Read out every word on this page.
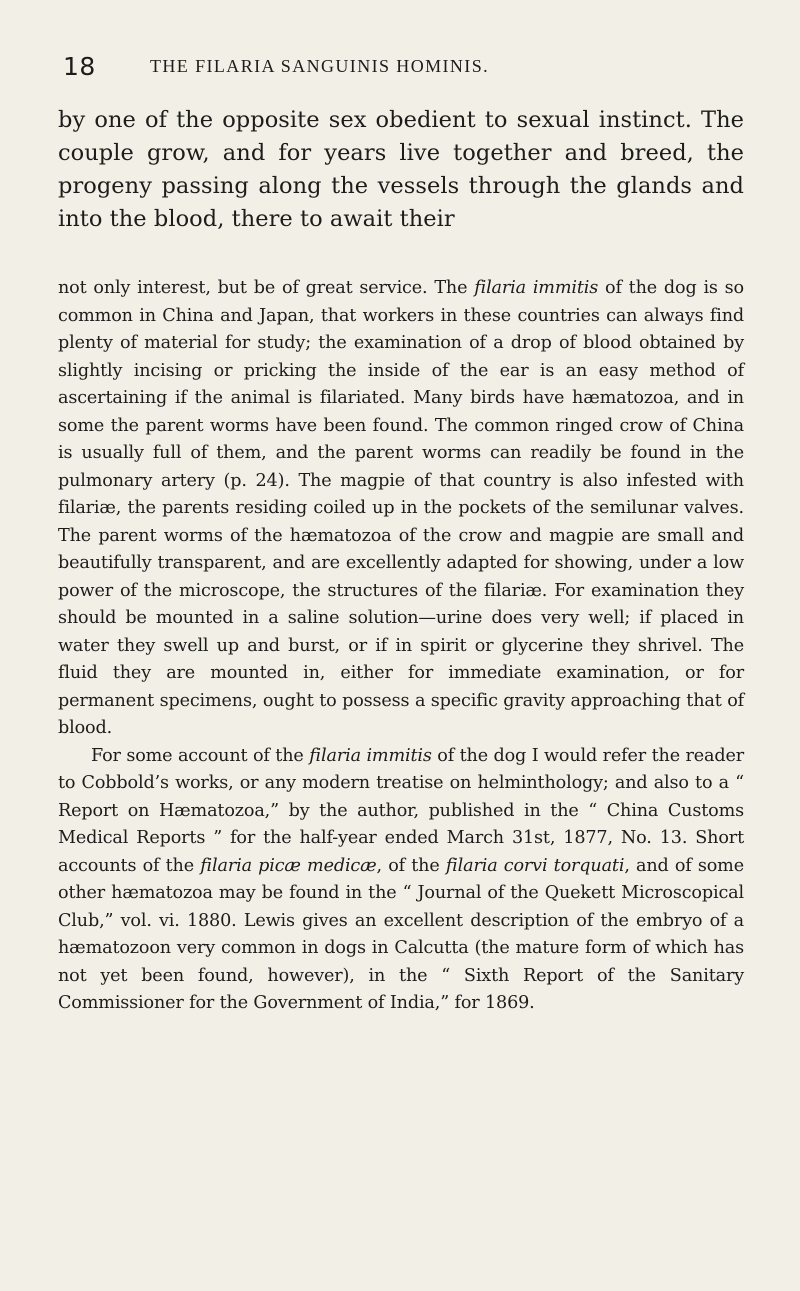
18	THE FILARIA SANGUINIS HOMINIS.

by one of the opposite sex obedient to sexual instinct. The couple grow, and for years live together and breed, the progeny passing along the vessels through the glands and into the blood, there to await their

not only interest, but be of great service. The filaria immitis of the dog is so common in China and Japan, that workers in these countries can always find plenty of material for study; the examination of a drop of blood obtained by slightly incising or pricking the inside of the ear is an easy method of ascertaining if the animal is filariated. Many birds have hæmatozoa, and in some the parent worms have been found. The common ringed crow of China is usually full of them, and the parent worms can readily be found in the pulmonary artery (p. 24). The magpie of that country is also infested with filariæ, the parents residing coiled up in the pockets of the semilunar valves. The parent worms of the hæmatozoa of the crow and magpie are small and beautifully transparent, and are excellently adapted for showing, under a low power of the microscope, the structures of the filariæ. For examination they should be mounted in a saline solution—urine does very well; if placed in water they swell up and burst, or if in spirit or glycerine they shrivel. The fluid they are mounted in, either for immediate examination, or for permanent specimens, ought to possess a specific gravity approaching that of blood.

For some account of the filaria immitis of the dog I would refer the reader to Cobbold’s works, or any modern treatise on helminthology; and also to a “ Report on Hæmatozoa,” by the author, published in the “ China Customs Medical Reports ” for the half-year ended March 31st, 1877, No. 13. Short accounts of the filaria picæ medicæ, of the filaria corvi torquati, and of some other hæmatozoa may be found in the “ Journal of the Quekett Microscopical Club,” vol. vi. 1880. Lewis gives an excellent description of the embryo of a hæmatozoon very common in dogs in Calcutta (the mature form of which has not yet been found, however), in the “ Sixth Report of the Sanitary Commissioner for the Government of India,” for 1869.
